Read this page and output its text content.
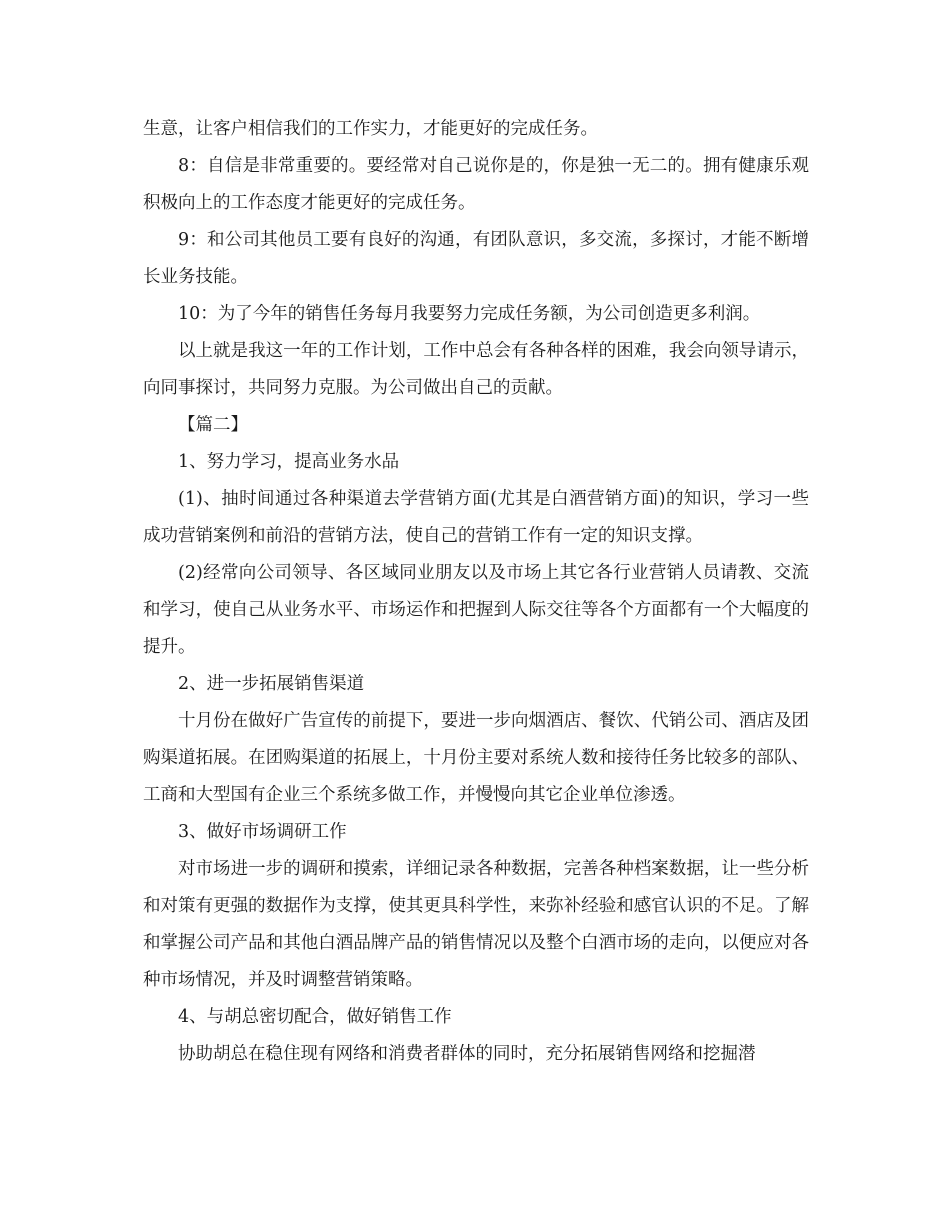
生意，让客户相信我们的工作实力，才能更好的完成任务。

8：自信是非常重要的。要经常对自己说你是的，你是独一无二的。拥有健康乐观积极向上的工作态度才能更好的完成任务。

9：和公司其他员工要有良好的沟通，有团队意识，多交流，多探讨，才能不断增长业务技能。

10：为了今年的销售任务每月我要努力完成任务额，为公司创造更多利润。

以上就是我这一年的工作计划，工作中总会有各种各样的困难，我会向领导请示，向同事探讨，共同努力克服。为公司做出自己的贡献。

【篇二】

1、努力学习，提高业务水品

(1)、抽时间通过各种渠道去学营销方面(尤其是白酒营销方面)的知识，学习一些成功营销案例和前沿的营销方法，使自己的营销工作有一定的知识支撑。

(2)经常向公司领导、各区域同业朋友以及市场上其它各行业营销人员请教、交流和学习，使自己从业务水平、市场运作和把握到人际交往等各个方面都有一个大幅度的提升。

2、进一步拓展销售渠道

十月份在做好广告宣传的前提下，要进一步向烟酒店、餐饮、代销公司、酒店及团购渠道拓展。在团购渠道的拓展上，十月份主要对系统人数和接待任务比较多的部队、工商和大型国有企业三个系统多做工作，并慢慢向其它企业单位渗透。

3、做好市场调研工作

对市场进一步的调研和摸索，详细记录各种数据，完善各种档案数据，让一些分析和对策有更强的数据作为支撑，使其更具科学性，来弥补经验和感官认识的不足。了解和掌握公司产品和其他白酒品牌产品的销售情况以及整个白酒市场的走向，以便应对各种市场情况，并及时调整营销策略。

4、与胡总密切配合，做好销售工作

协助胡总在稳住现有网络和消费者群体的同时，充分拓展销售网络和挖掘潜
